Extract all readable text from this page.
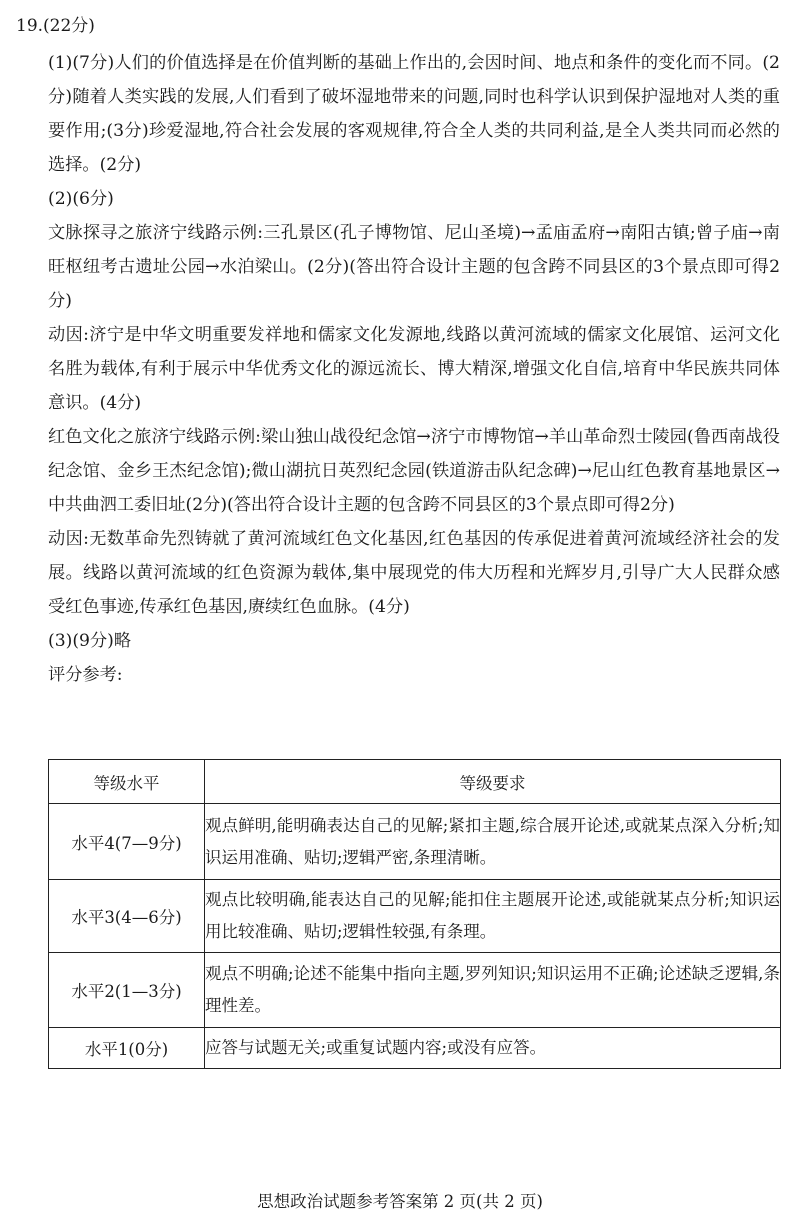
19.(22分)

(1)(7分)人们的价值选择是在价值判断的基础上作出的,会因时间、地点和条件的变化而不同。(2分)随着人类实践的发展,人们看到了破坏湿地带来的问题,同时也科学认识到保护湿地对人类的重要作用;(3分)珍爱湿地,符合社会发展的客观规律,符合全人类的共同利益,是全人类共同而必然的选择。(2分)

(2)(6分)

文脉探寻之旅济宁线路示例:三孔景区(孔子博物馆、尼山圣境)→孟庙孟府→南阳古镇;曾子庙→南旺枢纽考古遗址公园→水泊梁山。(2分)(答出符合设计主题的包含跨不同县区的3个景点即可得2分)

动因:济宁是中华文明重要发祥地和儒家文化发源地,线路以黄河流域的儒家文化展馆、运河文化名胜为载体,有利于展示中华优秀文化的源远流长、博大精深,增强文化自信,培育中华民族共同体意识。(4分)

红色文化之旅济宁线路示例:梁山独山战役纪念馆→济宁市博物馆→羊山革命烈士陵园(鲁西南战役纪念馆、金乡王杰纪念馆);微山湖抗日英烈纪念园(铁道游击队纪念碑)→尼山红色教育基地景区→中共曲泗工委旧址(2分)(答出符合设计主题的包含跨不同县区的3个景点即可得2分)

动因:无数革命先烈铸就了黄河流域红色文化基因,红色基因的传承促进着黄河流域经济社会的发展。线路以黄河流域的红色资源为载体,集中展现党的伟大历程和光辉岁月,引导广大人民群众感受红色事迹,传承红色基因,赓续红色血脉。(4分)

(3)(9分)略

评分参考:

等级水平	等级要求
水平4(7—9分)	观点鲜明,能明确表达自己的见解;紧扣主题,综合展开论述,或就某点深入分析;知识运用准确、贴切;逻辑严密,条理清晰。
水平3(4—6分)	观点比较明确,能表达自己的见解;能扣住主题展开论述,或能就某点分析;知识运用比较准确、贴切;逻辑性较强,有条理。
水平2(1—3分)	观点不明确;论述不能集中指向主题,罗列知识;知识运用不正确;论述缺乏逻辑,条理性差。
水平1(0分)	应答与试题无关;或重复试题内容;或没有应答。
思想政治试题参考答案第 2 页(共 2 页)
